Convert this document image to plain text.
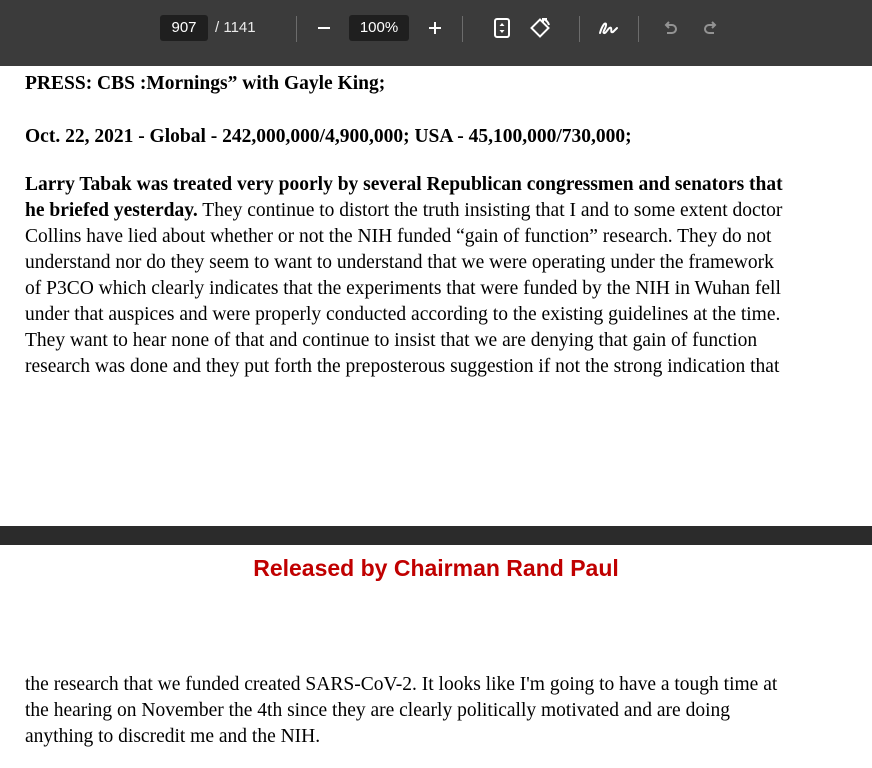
907	/ 1141	100%
PRESS: CBS :Mornings” with Gayle King;
Oct. 22, 2021 - Global - 242,000,000/4,900,000; USA - 45,100,000/730,000;
Larry Tabak was treated very poorly by several Republican congressmen and senators that
he briefed yesterday. They continue to distort the truth insisting that I and to some extent doctor
Collins have lied about whether or not the NIH funded “gain of function” research. They do not
understand nor do they seem to want to understand that we were operating under the framework
of P3CO which clearly indicates that the experiments that were funded by the NIH in Wuhan fell
under that auspices and were properly conducted according to the existing guidelines at the time.
They want to hear none of that and continue to insist that we are denying that gain of function
research was done and they put forth the preposterous suggestion if not the strong indication that
Released by Chairman Rand Paul
the research that we funded created SARS-CoV-2. It looks like I'm going to have a tough time at
the hearing on November the 4th since they are clearly politically motivated and are doing
anything to discredit me and the NIH.
